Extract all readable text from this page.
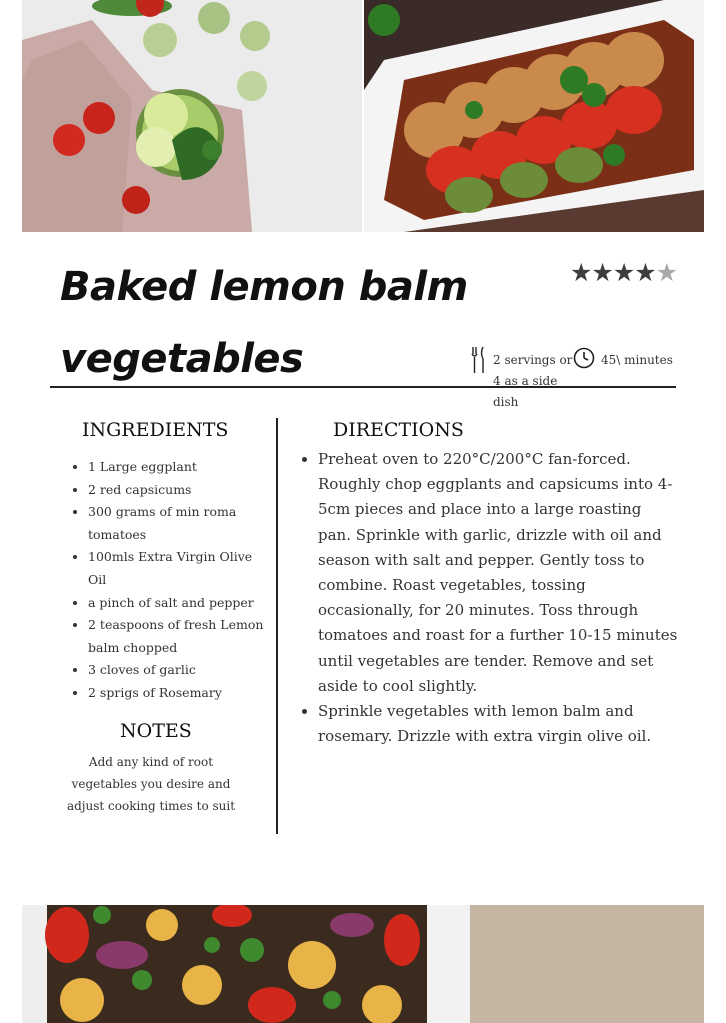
Baked lemon balm
vegetables
★★★★★
2 servings or 4 as a side dish
45\ minutes
INGREDIENTS
• 1 Large eggplant
• 2 red capsicums
• 300 grams of min roma tomatoes
• 100mls Extra Virgin Olive Oil
• a pinch of salt and pepper
• 2 teaspoons of fresh Lemon balm chopped
• 3 cloves of garlic
• 2 sprigs of Rosemary
NOTES

Add any kind of root vegetables you desire and adjust cooking times to suit

DIRECTIONS
• Preheat oven to 220°C/200°C fan-forced. Roughly chop eggplants and capsicums into 4-5cm pieces and place into a large roasting pan. Sprinkle with garlic, drizzle with oil and season with salt and pepper. Gently toss to combine. Roast vegetables, tossing occasionally, for 20 minutes. Toss through tomatoes and roast for a further 10-15 minutes until vegetables are tender. Remove and set aside to cool slightly.
• Sprinkle vegetables with lemon balm and rosemary. Drizzle with extra virgin olive oil.
